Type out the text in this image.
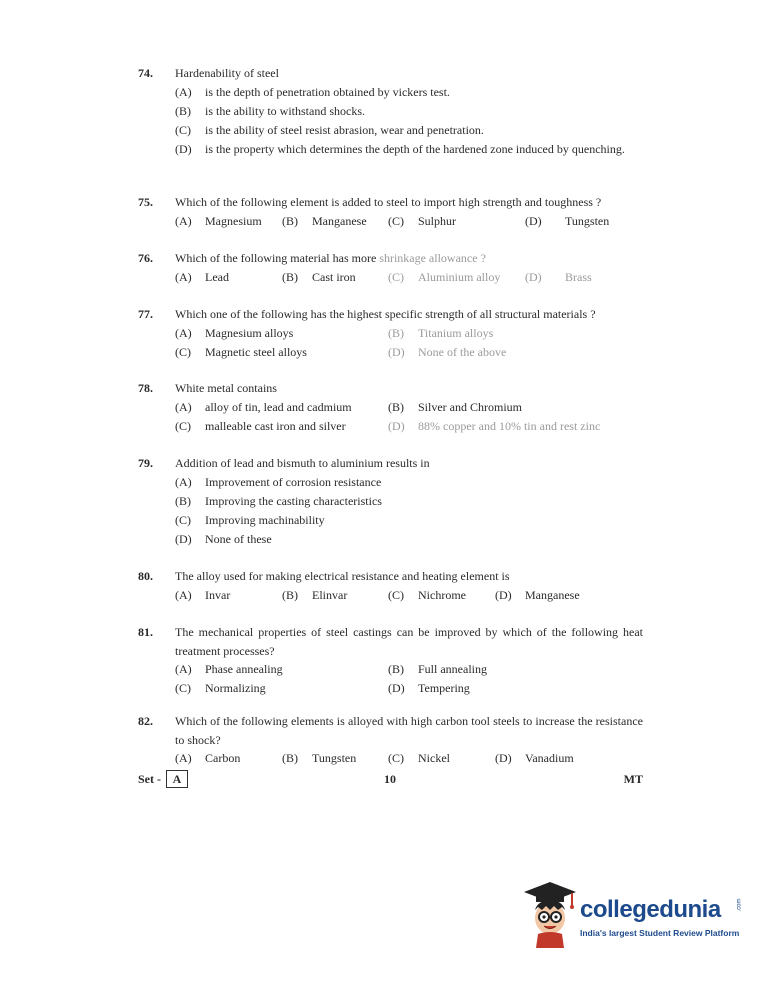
74. Hardenability of steel
(A) is the depth of penetration obtained by vickers test.
(B) is the ability to withstand shocks.
(C) is the ability of steel resist abrasion, wear and penetration.
(D)	is the property which determines the depth of the hardened zone induced by quenching.
75. Which of the following element is added to steel to import high strength and toughness ?
(A) Magnesium (B) Manganese (C) Sulphur	(D) Tungsten
76. Which of the following material has more shrinkage allowance ?
(A) Lead	(B) Cast iron	(C) Aluminium alloy (D) Brass
77. Which one of the following has the highest specific strength of all structural materials ?
(A) Magnesium alloys	(B) Titanium alloys
(C) Magnetic steel alloys	(D) None of the above
78. White metal contains
(A) alloy of tin, lead and cadmium	(B) Silver and Chromium
(C) malleable cast iron and silver	(D) 88% copper and 10% tin and rest zinc
79. Addition of lead and bismuth to aluminium results in
(A) Improvement of corrosion resistance
(B) Improving the casting characteristics
(C) Improving machinability
(D) None of these
80. The alloy used for making electrical resistance and heating element is
(A) Invar	(B) Elinvar	(C) Nichrome (D) Manganese
81. The mechanical properties of steel castings can be improved by which of the following heat treatment processes?
(A) Phase annealing	(B) Full annealing
(C) Normalizing	(D) Tempering
82. Which of the following elements is alloyed with high carbon tool steels to increase the resistance to shock?
(A) Carbon	(B) Tungsten	(C) Nickel	(D) Vanadium
Set - A	10	MT
collegedunia	.com
India's largest Student Review Platform
